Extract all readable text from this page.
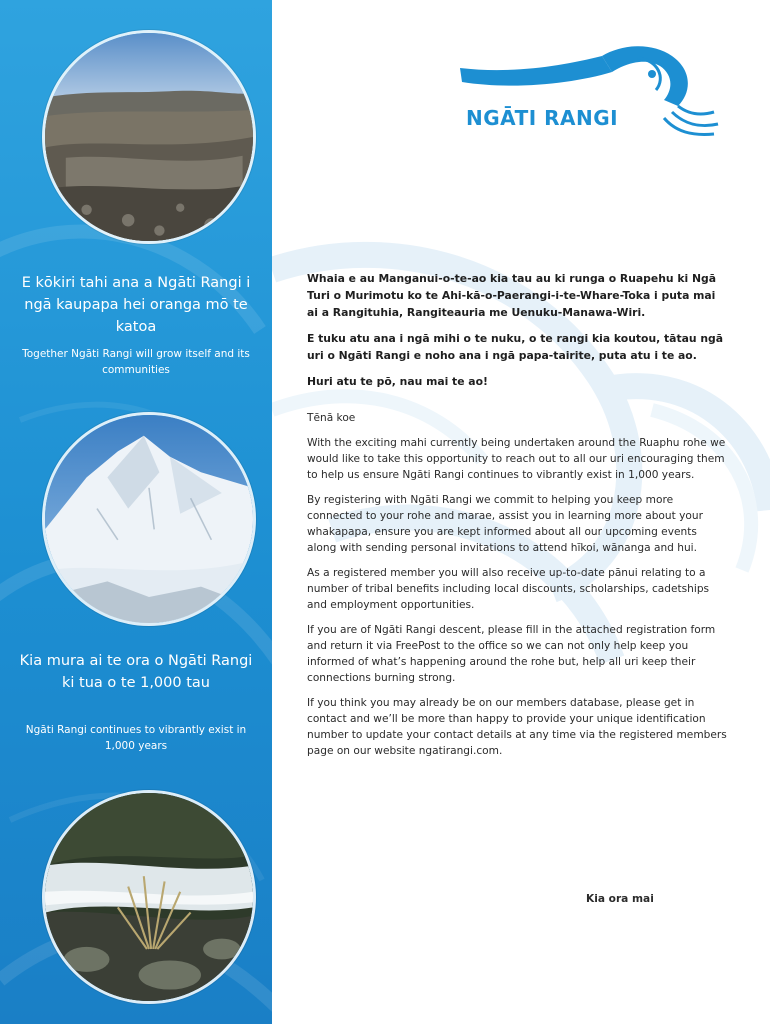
E kōkiri tahi ana a Ngāti Rangi i ngā kaupapa hei oranga mō te katoa
Together Ngāti Rangi will grow itself and its communities
Kia mura ai te ora o Ngāti Rangi ki tua o te 1,000 tau
Ngāti Rangi continues to vibrantly exist in 1,000 years
NGĀTI RANGI

Whaia e au Manganui-o-te-ao kia tau au ki runga o Ruapehu ki Ngā Turi o Murimotu ko te Ahi-kā-o-Paerangi-i-te-Whare-Toka i puta mai ai a Rangituhia, Rangiteauria me Uenuku-Manawa-Wiri.

E tuku atu ana i ngā mihi o te nuku, o te rangi kia koutou, tātau ngā uri o Ngāti Rangi e noho ana i ngā papa-tairite, puta atu i te ao.

Huri atu te pō, nau mai te ao!

Tēnā koe

With the exciting mahi currently being undertaken around the Ruaphu rohe we would like to take this opportunity to reach out to all our uri encouraging them to help us ensure Ngāti Rangi continues to vibrantly exist in 1,000 years.

By registering with Ngāti Rangi we commit to helping you keep more connected to your rohe and marae, assist you in learning more about your whakapapa, ensure you are kept informed about all our upcoming events along with sending personal invitations to attend hīkoi, wānanga and hui.

As a registered member you will also receive up-to-date pānui relating to a number of tribal benefits including local discounts, scholarships, cadetships and employment opportunities.

If you are of Ngāti Rangi descent, please fill in the attached registration form and return it via FreePost to the office so we can not only help keep you informed of what’s happening around the rohe but, help all uri keep their connections burning strong.

If you think you may already be on our members database, please get in contact and we’ll be more than happy to provide your unique identification number to update your contact details at any time via the registered members page on our website ngatirangi.com.

Kia ora mai
